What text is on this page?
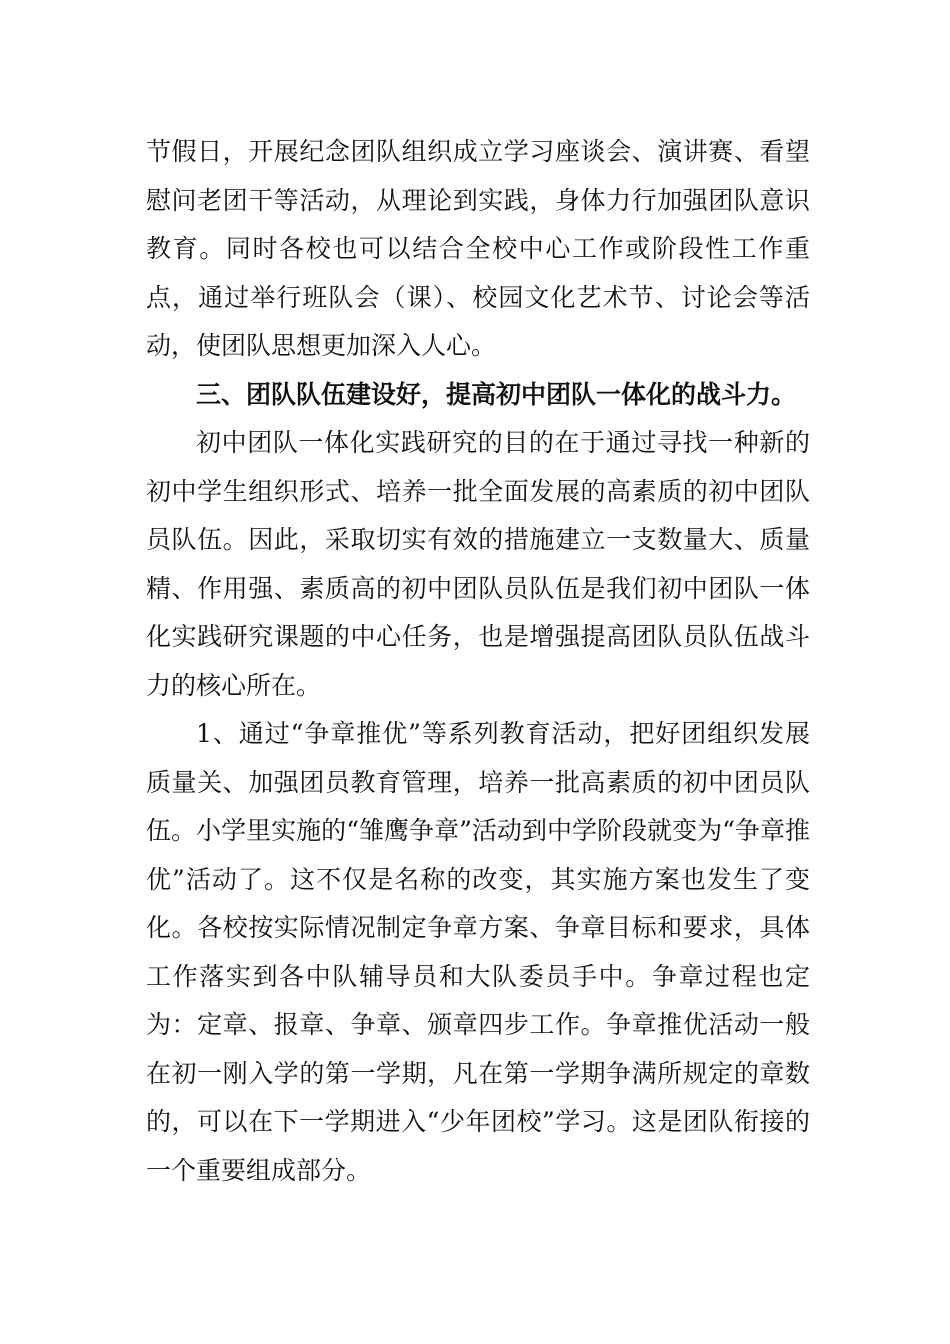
节假日，开展纪念团队组织成立学习座谈会、演讲赛、看望慰问老团干等活动，从理论到实践，身体力行加强团队意识教育。同时各校也可以结合全校中心工作或阶段性工作重点，通过举行班队会（课）、校园文化艺术节、讨论会等活动，使团队思想更加深入人心。

三、团队队伍建设好，提高初中团队一体化的战斗力。

初中团队一体化实践研究的目的在于通过寻找一种新的初中学生组织形式、培养一批全面发展的高素质的初中团队员队伍。因此，采取切实有效的措施建立一支数量大、质量精、作用强、素质高的初中团队员队伍是我们初中团队一体化实践研究课题的中心任务，也是增强提高团队员队伍战斗力的核心所在。

1、通过“争章推优”等系列教育活动，把好团组织发展质量关、加强团员教育管理，培养一批高素质的初中团员队伍。小学里实施的“雏鹰争章”活动到中学阶段就变为“争章推优”活动了。这不仅是名称的改变，其实施方案也发生了变化。各校按实际情况制定争章方案、争章目标和要求，具体工作落实到各中队辅导员和大队委员手中。争章过程也定为：定章、报章、争章、颁章四步工作。争章推优活动一般在初一刚入学的第一学期，凡在第一学期争满所规定的章数的，可以在下一学期进入“少年团校”学习。这是团队衔接的一个重要组成部分。
